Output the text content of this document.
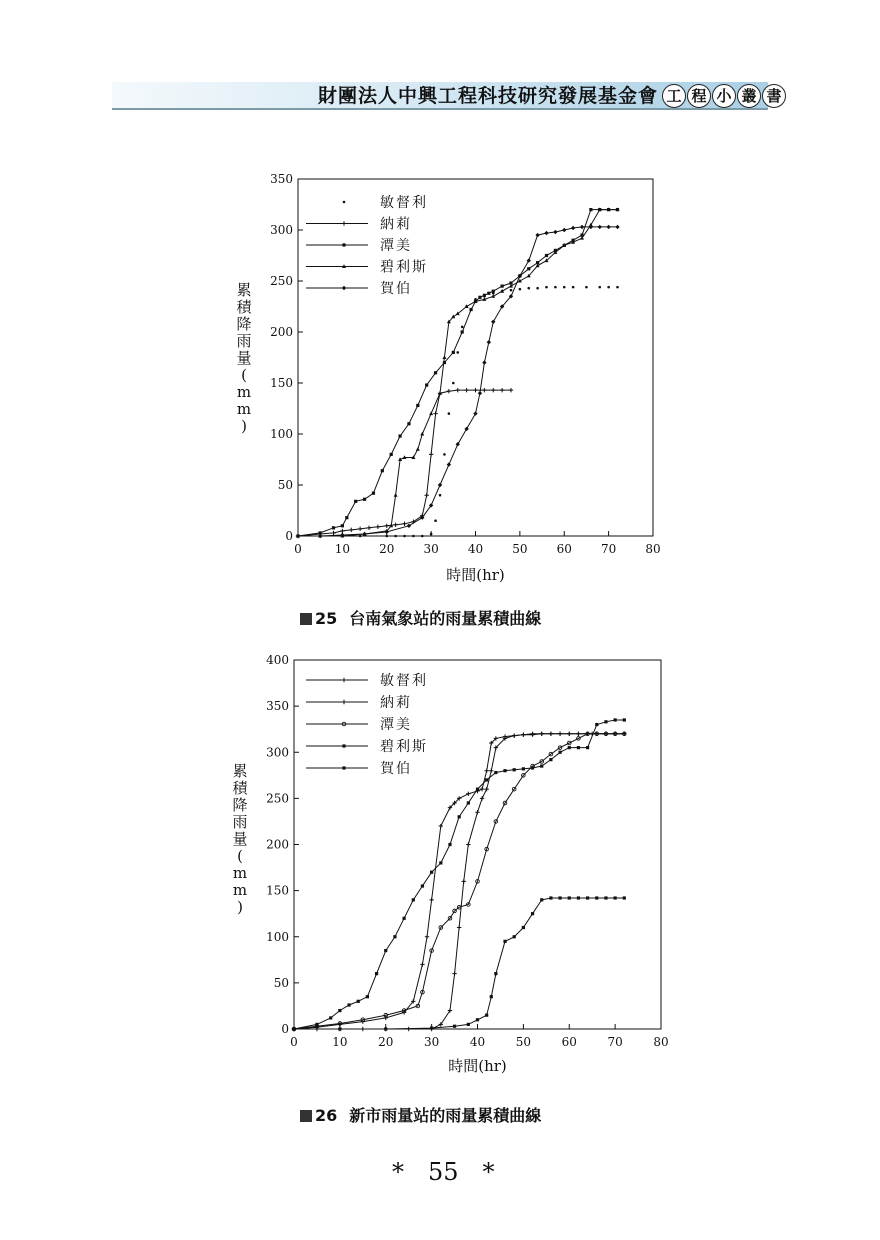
財團法人中興工程科技研究發展基金會 工 程 小 叢 書
0	10 20 30 40 50 60 70 80
0
50
100
150
200
250
300
350
敏督利
納莉
潭美
碧利斯
賀伯
時間(hr)
累積降雨量( m m )
0	10	20	30	40	50	60	70	80
0
50
100
150
200
250
300
350
400
敏督利
納莉
潭美
碧利斯
賀伯
時間(hr)
累積降雨量( m m )
25 台南氣象站的雨量累積曲線
26 新市雨量站的雨量累積曲線
* 55 *
